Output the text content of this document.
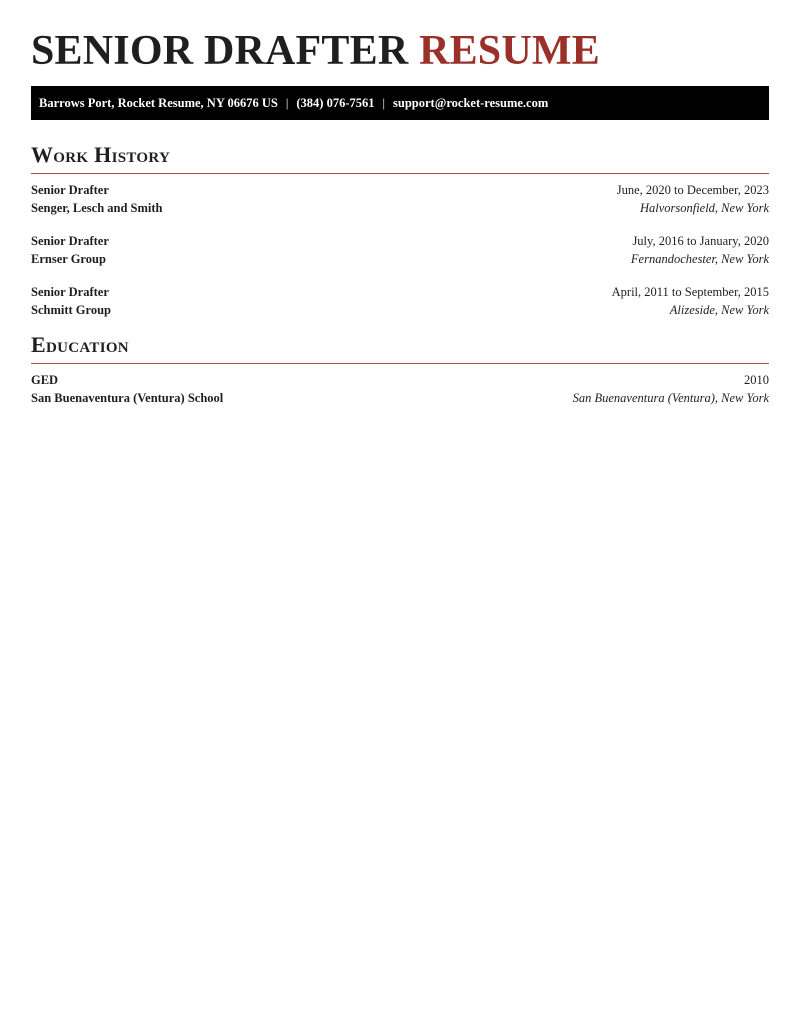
SENIOR DRAFTER RESUME
Barrows Port, Rocket Resume, NY 06676 US | (384) 076-7561 | support@rocket-resume.com
Work History
Senior Drafter	June, 2020 to December, 2023
Senger, Lesch and Smith	Halvorsonfield, New York
Senior Drafter	July, 2016 to January, 2020
Ernser Group	Fernandochester, New York
Senior Drafter	April, 2011 to September, 2015
Schmitt Group	Alizeside, New York
Education
GED	2010
San Buenaventura (Ventura) School	San Buenaventura (Ventura), New York
